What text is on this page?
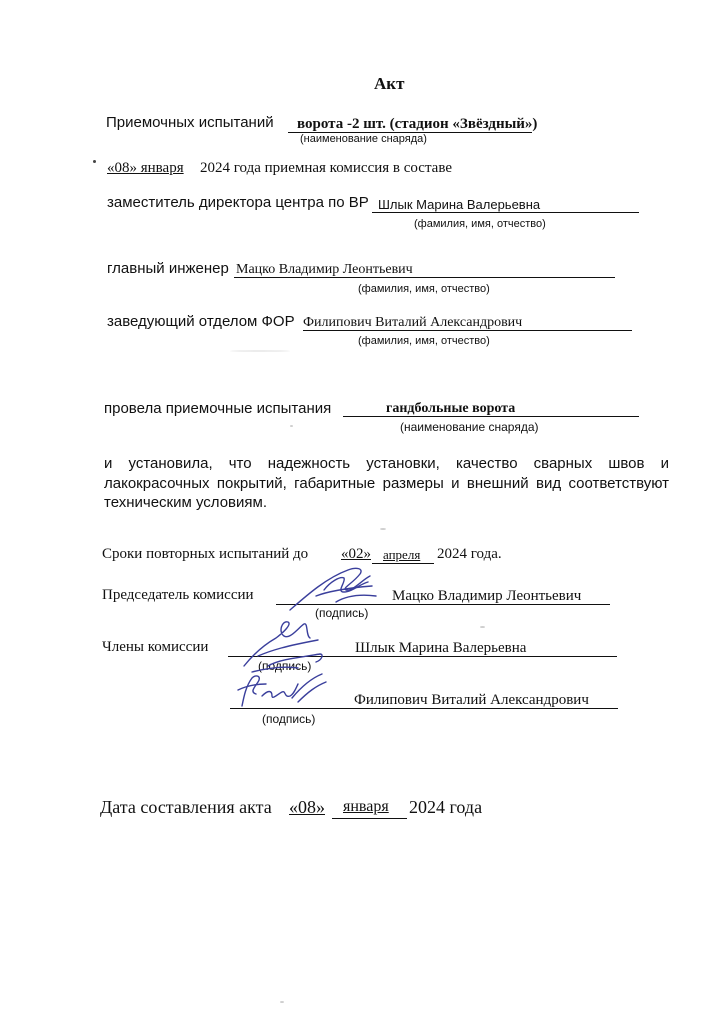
Акт
Приемочных испытаний ворота -2 шт. (стадион «Звёздный»)
(наименование снаряда)
«08» января 2024 года приемная комиссия в составе
заместитель директора центра по ВР Шлык Марина Валерьевна
(фамилия, имя, отчество)
главный инженер Мацко Владимир Леонтьевич
(фамилия, имя, отчество)
заведующий отделом ФОР Филипович Виталий Александрович
(фамилия, имя, отчество)
провела приемочные испытания	гандбольные ворота
(наименование снаряда)
и установила, что надежность установки, качество сварных швов и
лакокрасочных покрытий, габаритные размеры и внешний вид соответствуют
техническим условиям.
Сроки повторных испытаний до «02» апреля 2024 года.
Председатель комиссии	Мацко Владимир Леонтьевич
(подпись)
Члены комиссии	Шлык Марина Валерьевна
(подпись)
Филипович Виталий Александрович
(подпись)
Дата составления акта «08» января 2024 года
